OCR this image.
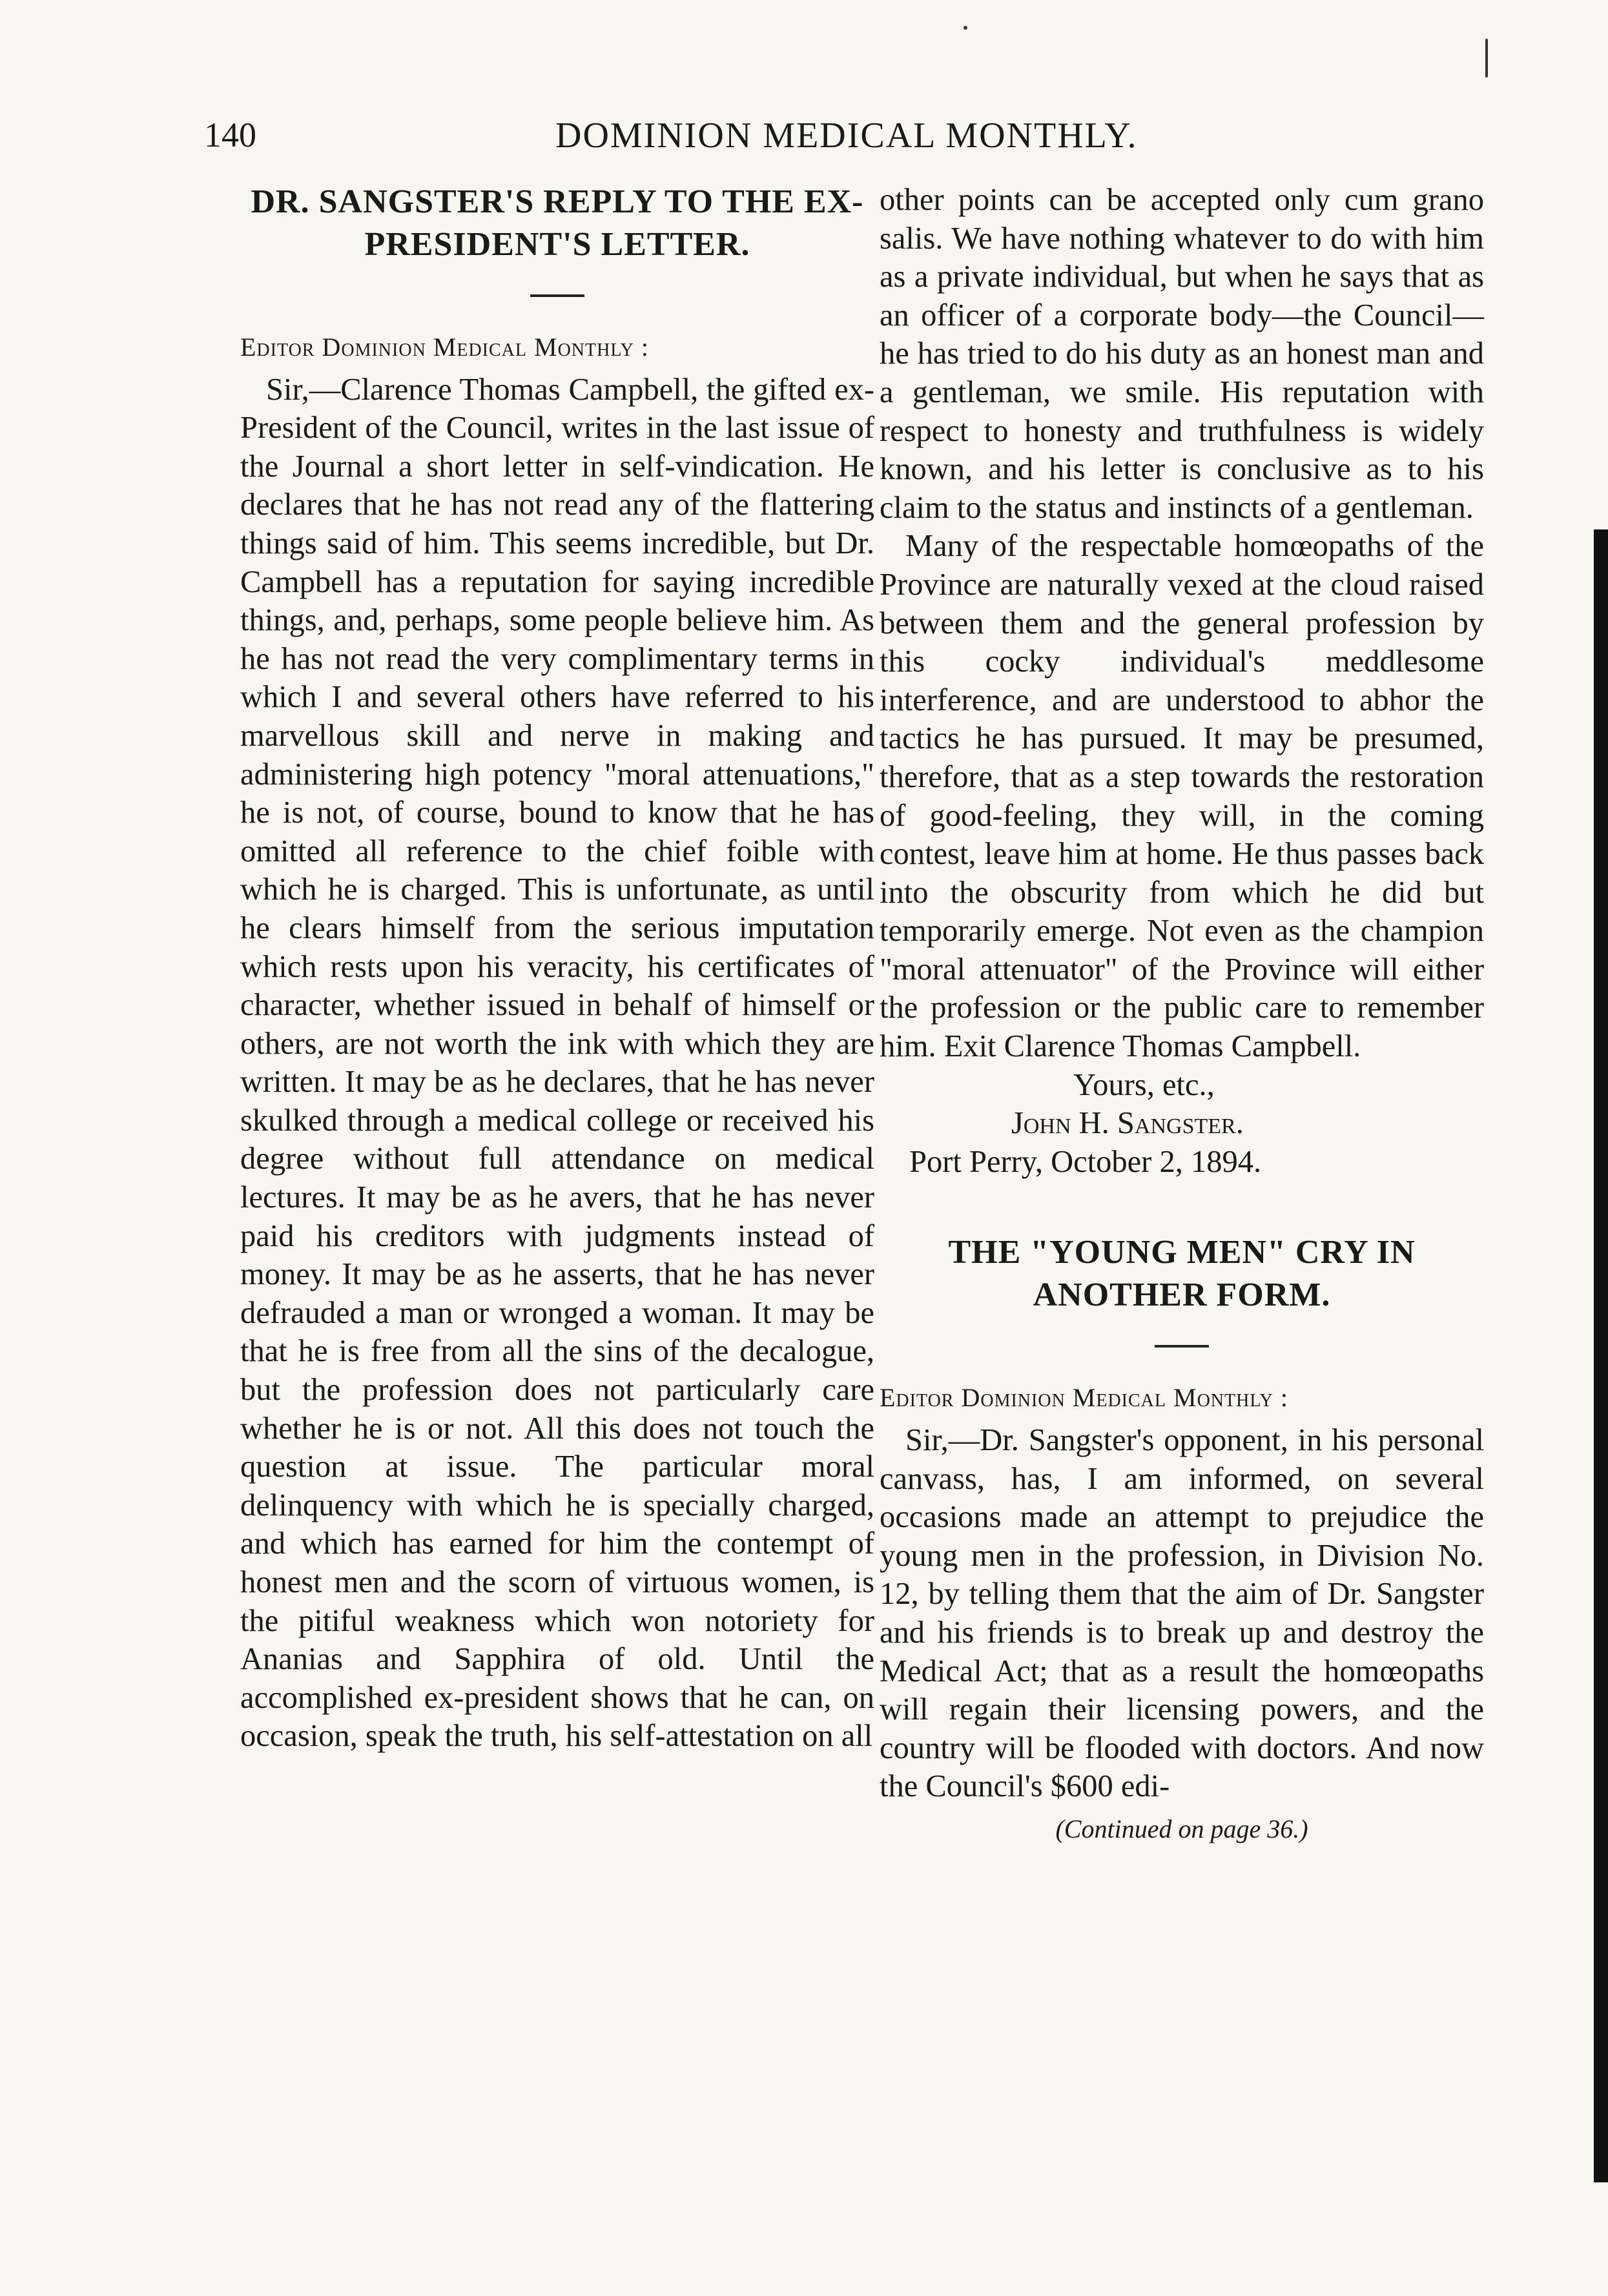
140	DOMINION MEDICAL MONTHLY.
DR. SANGSTER'S REPLY TO THE EX-PRESIDENT'S LETTER.

Editor Dominion Medical Monthly :

Sir,—Clarence Thomas Campbell, the gifted ex-President of the Council, writes in the last issue of the Journal a short letter in self-vindication. He declares that he has not read any of the flattering things said of him. This seems incredible, but Dr. Campbell has a reputation for saying incredible things, and, perhaps, some people believe him. As he has not read the very complimentary terms in which I and several others have referred to his marvellous skill and nerve in making and administering high potency "moral attenuations," he is not, of course, bound to know that he has omitted all reference to the chief foible with which he is charged. This is unfortunate, as until he clears himself from the serious imputation which rests upon his veracity, his certificates of character, whether issued in behalf of himself or others, are not worth the ink with which they are written. It may be as he declares, that he has never skulked through a medical college or received his degree without full attendance on medical lectures. It may be as he avers, that he has never paid his creditors with judgments instead of money. It may be as he asserts, that he has never defrauded a man or wronged a woman. It may be that he is free from all the sins of the decalogue, but the profession does not particularly care whether he is or not. All this does not touch the question at issue. The particular moral delinquency with which he is specially charged, and which has earned for him the contempt of honest men and the scorn of virtuous women, is the pitiful weakness which won notoriety for Ananias and Sapphira of old. Until the accomplished ex-president shows that he can, on occasion, speak the truth, his self-attestation on all

other points can be accepted only cum grano salis. We have nothing whatever to do with him as a private individual, but when he says that as an officer of a corporate body—the Council—he has tried to do his duty as an honest man and a gentleman, we smile. His reputation with respect to honesty and truthfulness is widely known, and his letter is conclusive as to his claim to the status and instincts of a gentleman.

Many of the respectable homœopaths of the Province are naturally vexed at the cloud raised between them and the general profession by this cocky individual's meddlesome interference, and are understood to abhor the tactics he has pursued. It may be presumed, therefore, that as a step towards the restoration of good-feeling, they will, in the coming contest, leave him at home. He thus passes back into the obscurity from which he did but temporarily emerge. Not even as the champion "moral attenuator" of the Province will either the profession or the public care to remember him. Exit Clarence Thomas Campbell.

Yours, etc.,

John H. Sangster.

Port Perry, October 2, 1894.

THE "YOUNG MEN" CRY IN ANOTHER FORM.

Editor Dominion Medical Monthly :

Sir,—Dr. Sangster's opponent, in his personal canvass, has, I am informed, on several occasions made an attempt to prejudice the young men in the profession, in Division No. 12, by telling them that the aim of Dr. Sangster and his friends is to break up and destroy the Medical Act; that as a result the homœopaths will regain their licensing powers, and the country will be flooded with doctors. And now the Council's $600 edi-

(Continued on page 36.)
